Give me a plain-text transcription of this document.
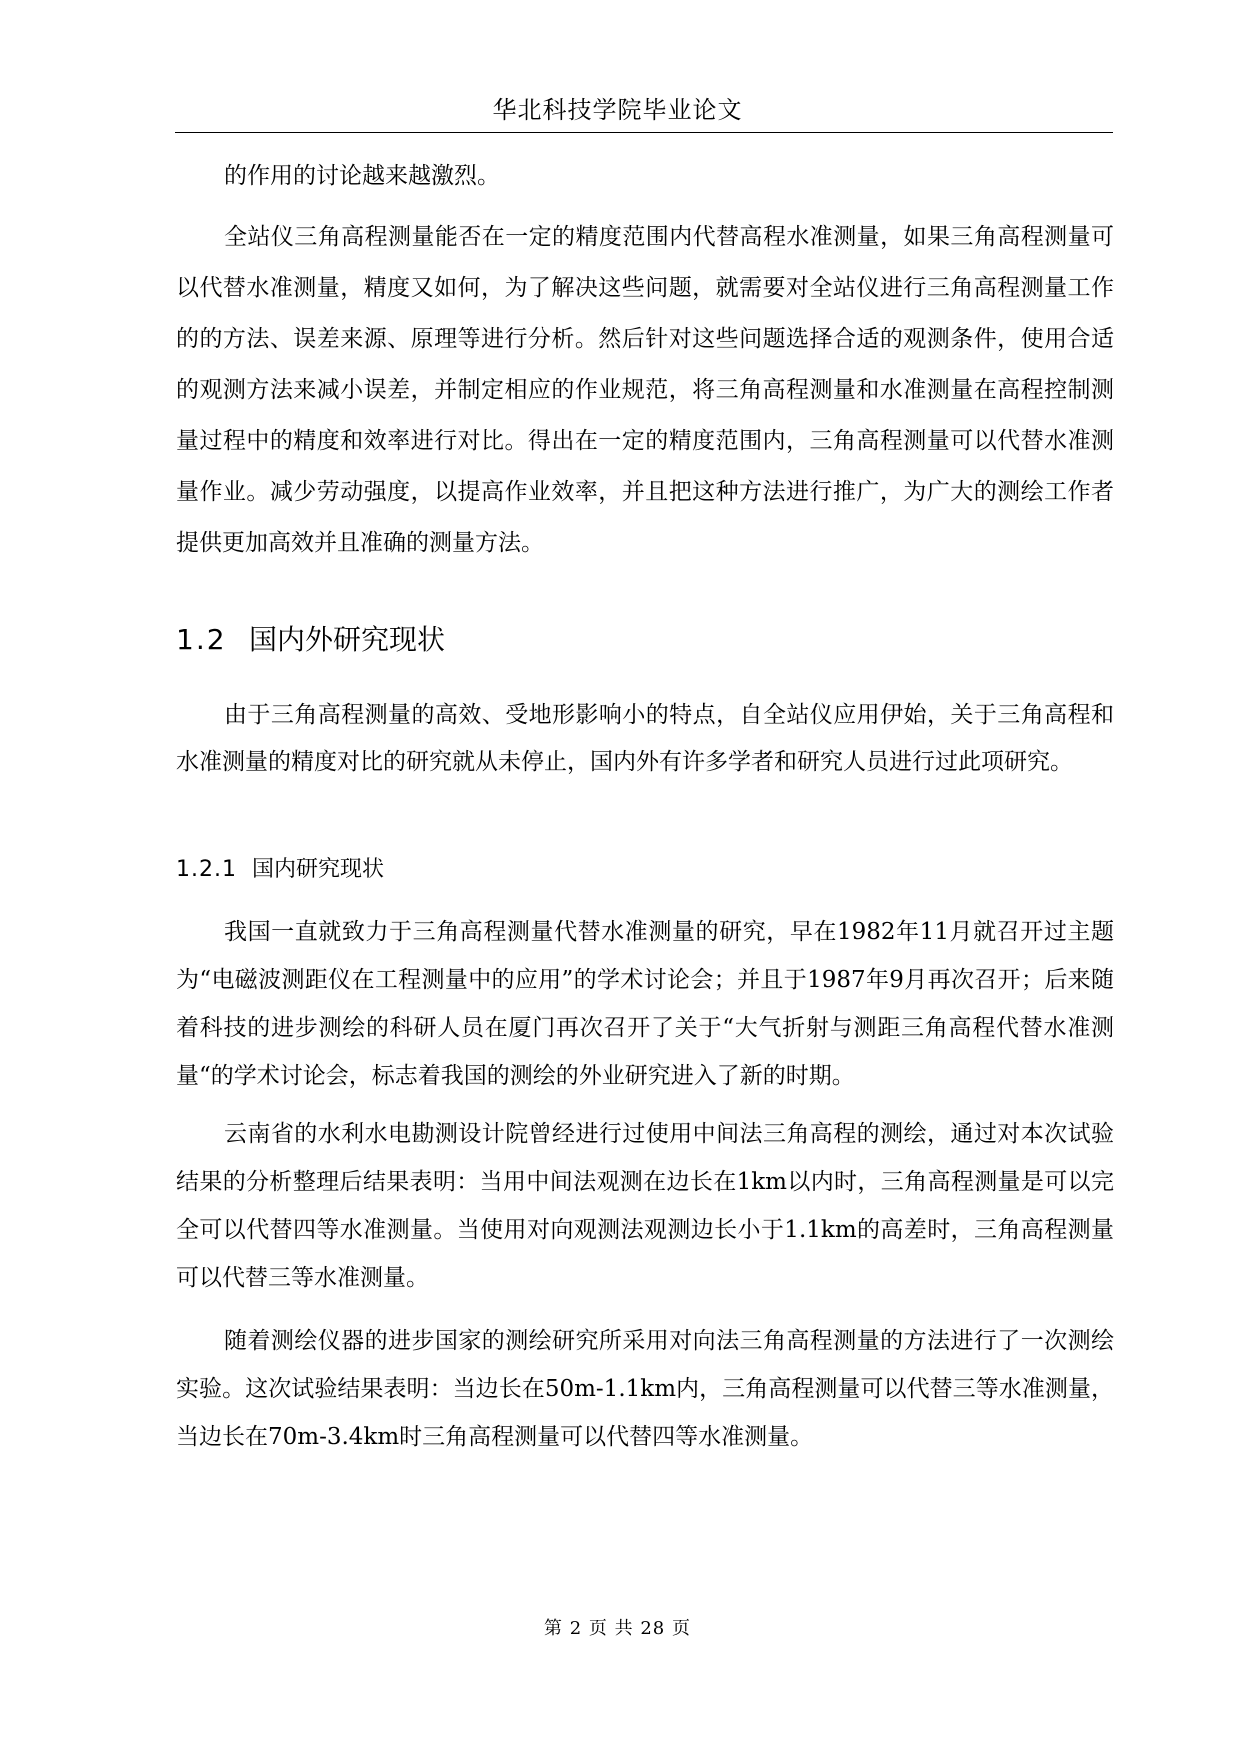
华北科技学院毕业论文

的作用的讨论越来越激烈。

全站仪三角高程测量能否在一定的精度范围内代替高程水准测量，如果三角高程测量可以代替水准测量，精度又如何，为了解决这些问题，就需要对全站仪进行三角高程测量工作的的方法、误差来源、原理等进行分析。然后针对这些问题选择合适的观测条件，使用合适的观测方法来减小误差，并制定相应的作业规范，将三角高程测量和水准测量在高程控制测量过程中的精度和效率进行对比。得出在一定的精度范围内，三角高程测量可以代替水准测量作业。减少劳动强度，以提高作业效率，并且把这种方法进行推广，为广大的测绘工作者提供更加高效并且准确的测量方法。

1.2 国内外研究现状

由于三角高程测量的高效、受地形影响小的特点，自全站仪应用伊始，关于三角高程和水准测量的精度对比的研究就从未停止，国内外有许多学者和研究人员进行过此项研究。

1.2.1 国内研究现状

我国一直就致力于三角高程测量代替水准测量的研究，早在1982年11月就召开过主题为“电磁波测距仪在工程测量中的应用”的学术讨论会；并且于1987年9月再次召开；后来随着科技的进步测绘的科研人员在厦门再次召开了关于“大气折射与测距三角高程代替水准测量“的学术讨论会，标志着我国的测绘的外业研究进入了新的时期。

云南省的水利水电勘测设计院曾经进行过使用中间法三角高程的测绘，通过对本次试验结果的分析整理后结果表明：当用中间法观测在边长在1km以内时，三角高程测量是可以完全可以代替四等水准测量。当使用对向观测法观测边长小于1.1km的高差时，三角高程测量可以代替三等水准测量。

随着测绘仪器的进步国家的测绘研究所采用对向法三角高程测量的方法进行了一次测绘实验。这次试验结果表明：当边长在50m-1.1km内，三角高程测量可以代替三等水准测量，当边长在70m-3.4km时三角高程测量可以代替四等水准测量。

第 2 页 共 28 页
